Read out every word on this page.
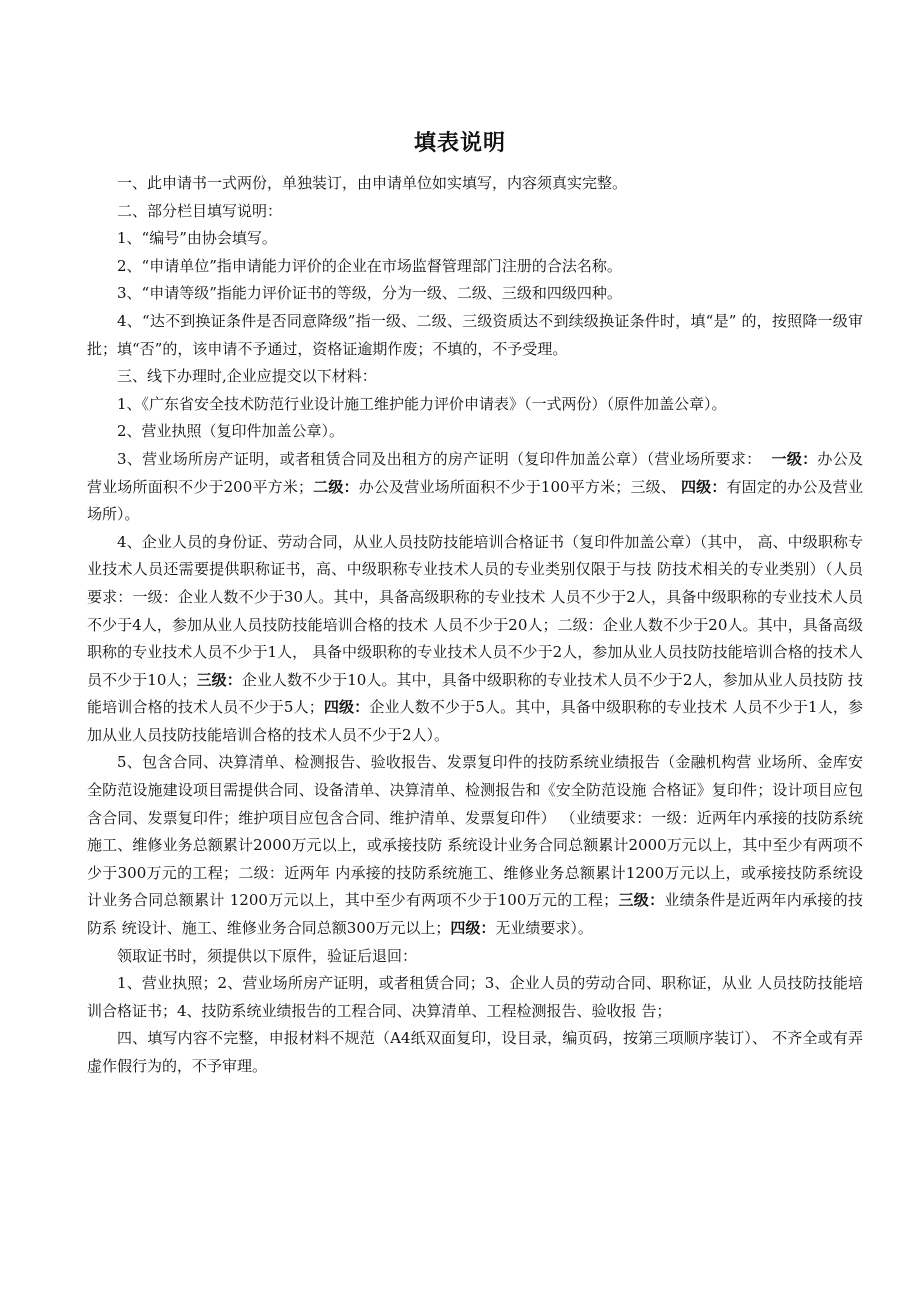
填表说明

一、此申请书一式两份，单独装订，由申请单位如实填写，内容须真实完整。

二、部分栏目填写说明：

1、“编号”由协会填写。

2、“申请单位”指申请能力评价的企业在市场监督管理部门注册的合法名称。

3、“申请等级”指能力评价证书的等级，分为一级、二级、三级和四级四种。

4、“达不到换证条件是否同意降级”指一级、二级、三级资质达不到续级换证条件时，填“是” 的，按照降一级审批；填“否”的，该申请不予通过，资格证逾期作废；不填的，不予受理。

三、线下办理时,企业应提交以下材料：

1、《广东省安全技术防范行业设计施工维护能力评价申请表》（一式两份）（原件加盖公章）。

2、营业执照（复印件加盖公章）。

3、营业场所房产证明，或者租赁合同及出租方的房产证明（复印件加盖公章）（营业场所要求：  一级：办公及营业场所面积不少于200平方米；二级：办公及营业场所面积不少于100平方米；三级、 四级：有固定的办公及营业场所）。

4、企业人员的身份证、劳动合同，从业人员技防技能培训合格证书（复印件加盖公章）（其中， 高、中级职称专业技术人员还需要提供职称证书，高、中级职称专业技术人员的专业类别仅限于与技 防技术相关的专业类别）（人员要求：一级：企业人数不少于30人。其中，具备高级职称的专业技术 人员不少于2人，具备中级职称的专业技术人员不少于4人，参加从业人员技防技能培训合格的技术 人员不少于20人；二级：企业人数不少于20人。其中，具备高级职称的专业技术人员不少于1人， 具备中级职称的专业技术人员不少于2人，参加从业人员技防技能培训合格的技术人员不少于10人；三级：企业人数不少于10人。其中，具备中级职称的专业技术人员不少于2人，参加从业人员技防 技能培训合格的技术人员不少于5人；四级：企业人数不少于5人。其中，具备中级职称的专业技术 人员不少于1人，参加从业人员技防技能培训合格的技术人员不少于2人）。

5、包含合同、决算清单、检测报告、验收报告、发票复印件的技防系统业绩报告（金融机构营 业场所、金库安全防范设施建设项目需提供合同、设备清单、决算清单、检测报告和《安全防范设施 合格证》复印件；设计项目应包含合同、发票复印件；维护项目应包含合同、维护清单、发票复印件） （业绩要求：一级：近两年内承接的技防系统施工、维修业务总额累计2000万元以上，或承接技防 系统设计业务合同总额累计2000万元以上，其中至少有两项不少于300万元的工程；二级：近两年 内承接的技防系统施工、维修业务总额累计1200万元以上，或承接技防系统设计业务合同总额累计 1200万元以上，其中至少有两项不少于100万元的工程；三级：业绩条件是近两年内承接的技防系 统设计、施工、维修业务合同总额300万元以上；四级：无业绩要求）。

领取证书时，须提供以下原件，验证后退回：

1、营业执照；2、营业场所房产证明，或者租赁合同；3、企业人员的劳动合同、职称证，从业 人员技防技能培训合格证书；4、技防系统业绩报告的工程合同、决算清单、工程检测报告、验收报 告；

四、填写内容不完整，申报材料不规范（A4纸双面复印，设目录，编页码，按第三项顺序装订）、 不齐全或有弄虚作假行为的，不予审理。
